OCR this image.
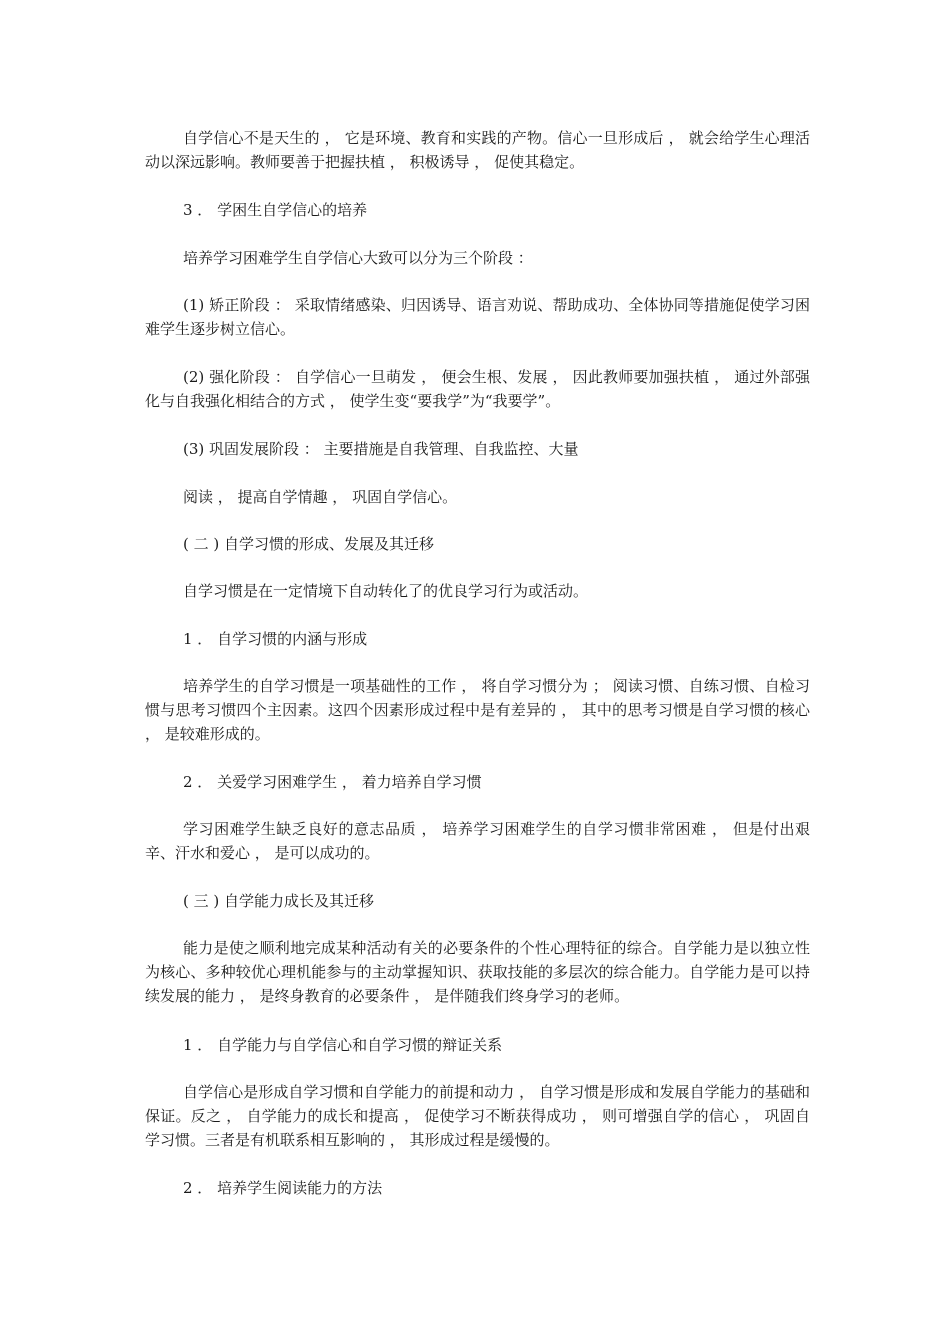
自学信心不是天生的 ， 它是环境、教育和实践的产物。信心一旦形成后 ， 就会给学生心理活动以深远影响。教师要善于把握扶植 ， 积极诱导 ， 促使其稳定。

3 ． 学困生自学信心的培养

培养学习困难学生自学信心大致可以分为三个阶段 ：

(1) 矫正阶段 ： 采取情绪感染、归因诱导、语言劝说、帮助成功、全体协同等措施促使学习困难学生逐步树立信心。

(2) 强化阶段 ： 自学信心一旦萌发 ， 便会生根、发展 ， 因此教师要加强扶植 ， 通过外部强化与自我强化相结合的方式 ， 使学生变“要我学”为“我要学”。

(3) 巩固发展阶段 ： 主要措施是自我管理、自我监控、大量

阅读 ， 提高自学情趣 ， 巩固自学信心。

( 二 ) 自学习惯的形成、发展及其迁移

自学习惯是在一定情境下自动转化了的优良学习行为或活动。

1 ． 自学习惯的内涵与形成

培养学生的自学习惯是一项基础性的工作 ， 将自学习惯分为 ； 阅读习惯、自练习惯、自检习惯与思考习惯四个主因素。这四个因素形成过程中是有差异的 ， 其中的思考习惯是自学习惯的核心 ， 是较难形成的。

2 ． 关爱学习困难学生 ， 着力培养自学习惯

学习困难学生缺乏良好的意志品质 ， 培养学习困难学生的自学习惯非常困难 ， 但是付出艰辛、汗水和爱心 ， 是可以成功的。

( 三 ) 自学能力成长及其迁移

能力是使之顺利地完成某种活动有关的必要条件的个性心理特征的综合。自学能力是以独立性为核心、多种较优心理机能参与的主动掌握知识、获取技能的多层次的综合能力。自学能力是可以持续发展的能力 ， 是终身教育的必要条件 ， 是伴随我们终身学习的老师。

1 ． 自学能力与自学信心和自学习惯的辩证关系

自学信心是形成自学习惯和自学能力的前提和动力 ， 自学习惯是形成和发展自学能力的基础和保证。反之 ， 自学能力的成长和提高 ， 促使学习不断获得成功 ， 则可增强自学的信心 ， 巩固自学习惯。三者是有机联系相互影响的 ， 其形成过程是缓慢的。

2 ． 培养学生阅读能力的方法
